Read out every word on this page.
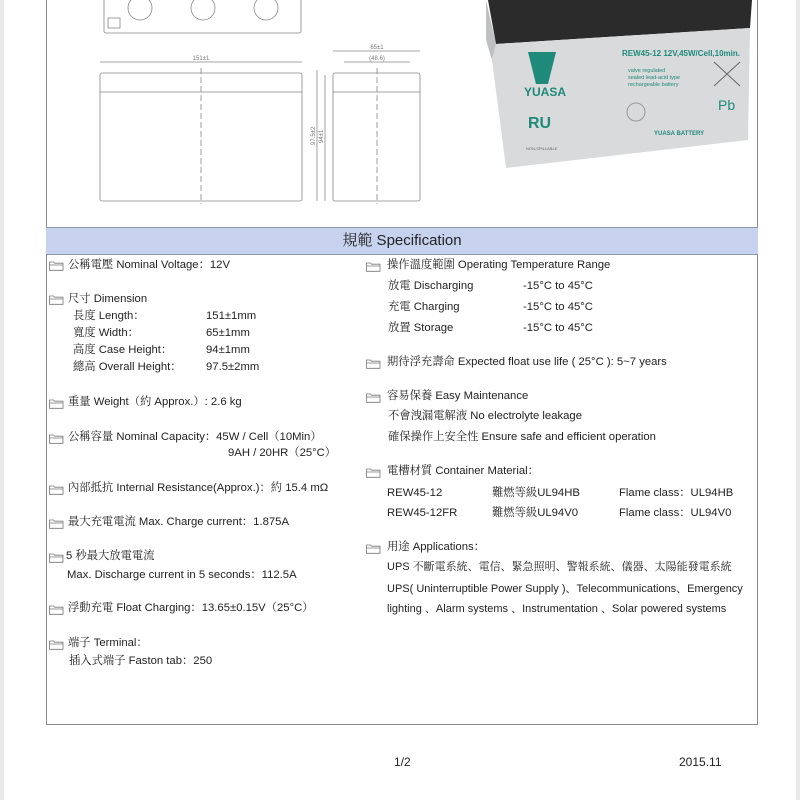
151±1
65±1
(48.6)
97.5±2 94±1
YUASA
RU
REW45-12 12V,45W/Cell,10min.
valve regulated
sealed lead-acid type
rechargeable battery
Pb
YUASA BATTERY
NON-SPILLABLE
規範 Specification
公稱電壓 Nominal Voltage：12V
尺寸 Dimension
長度 Length：	151±1mm
寬度 Width：	65±1mm
高度 Case Height：	94±1mm
總高 Overall Height： 97.5±2mm
重量 Weight（約 Approx.）: 2.6 kg
公稱容量 Nominal Capacity：45W / Cell（10Min）
9AH / 20HR（25°C）
內部抵抗 Internal Resistance(Approx.)：約 15.4 mΩ
最大充電電流 Max. Charge current：1.875A
5 秒最大放電電流
Max. Discharge current in 5 seconds：112.5A
浮動充電 Float Charging：13.65±0.15V（25°C）
端子 Terminal：
插入式端子 Faston tab：250
操作溫度範圍 Operating Temperature Range
放電 Discharging	-15°C to 45°C
充電 Charging	-15°C to 45°C
放置 Storage	-15°C to 45°C
期待浮充壽命 Expected float use life ( 25°C ): 5~7 years
容易保養 Easy Maintenance
不會洩漏電解液 No electrolyte leakage
確保操作上安全性 Ensure safe and efficient operation
電槽材質 Container Material：
REW45-12	難燃等級UL94HB	Flame class：UL94HB
REW45-12FR	難燃等級UL94V0	Flame class：UL94V0
用途 Applications：
UPS 不斷電系統、電信、緊急照明、警報系統、儀器、太陽能發電系統
UPS( Uninterruptible Power Supply )、Telecommunications、Emergency
lighting 、Alarm systems 、Instrumentation 、Solar powered systems
1/2	2015.11
